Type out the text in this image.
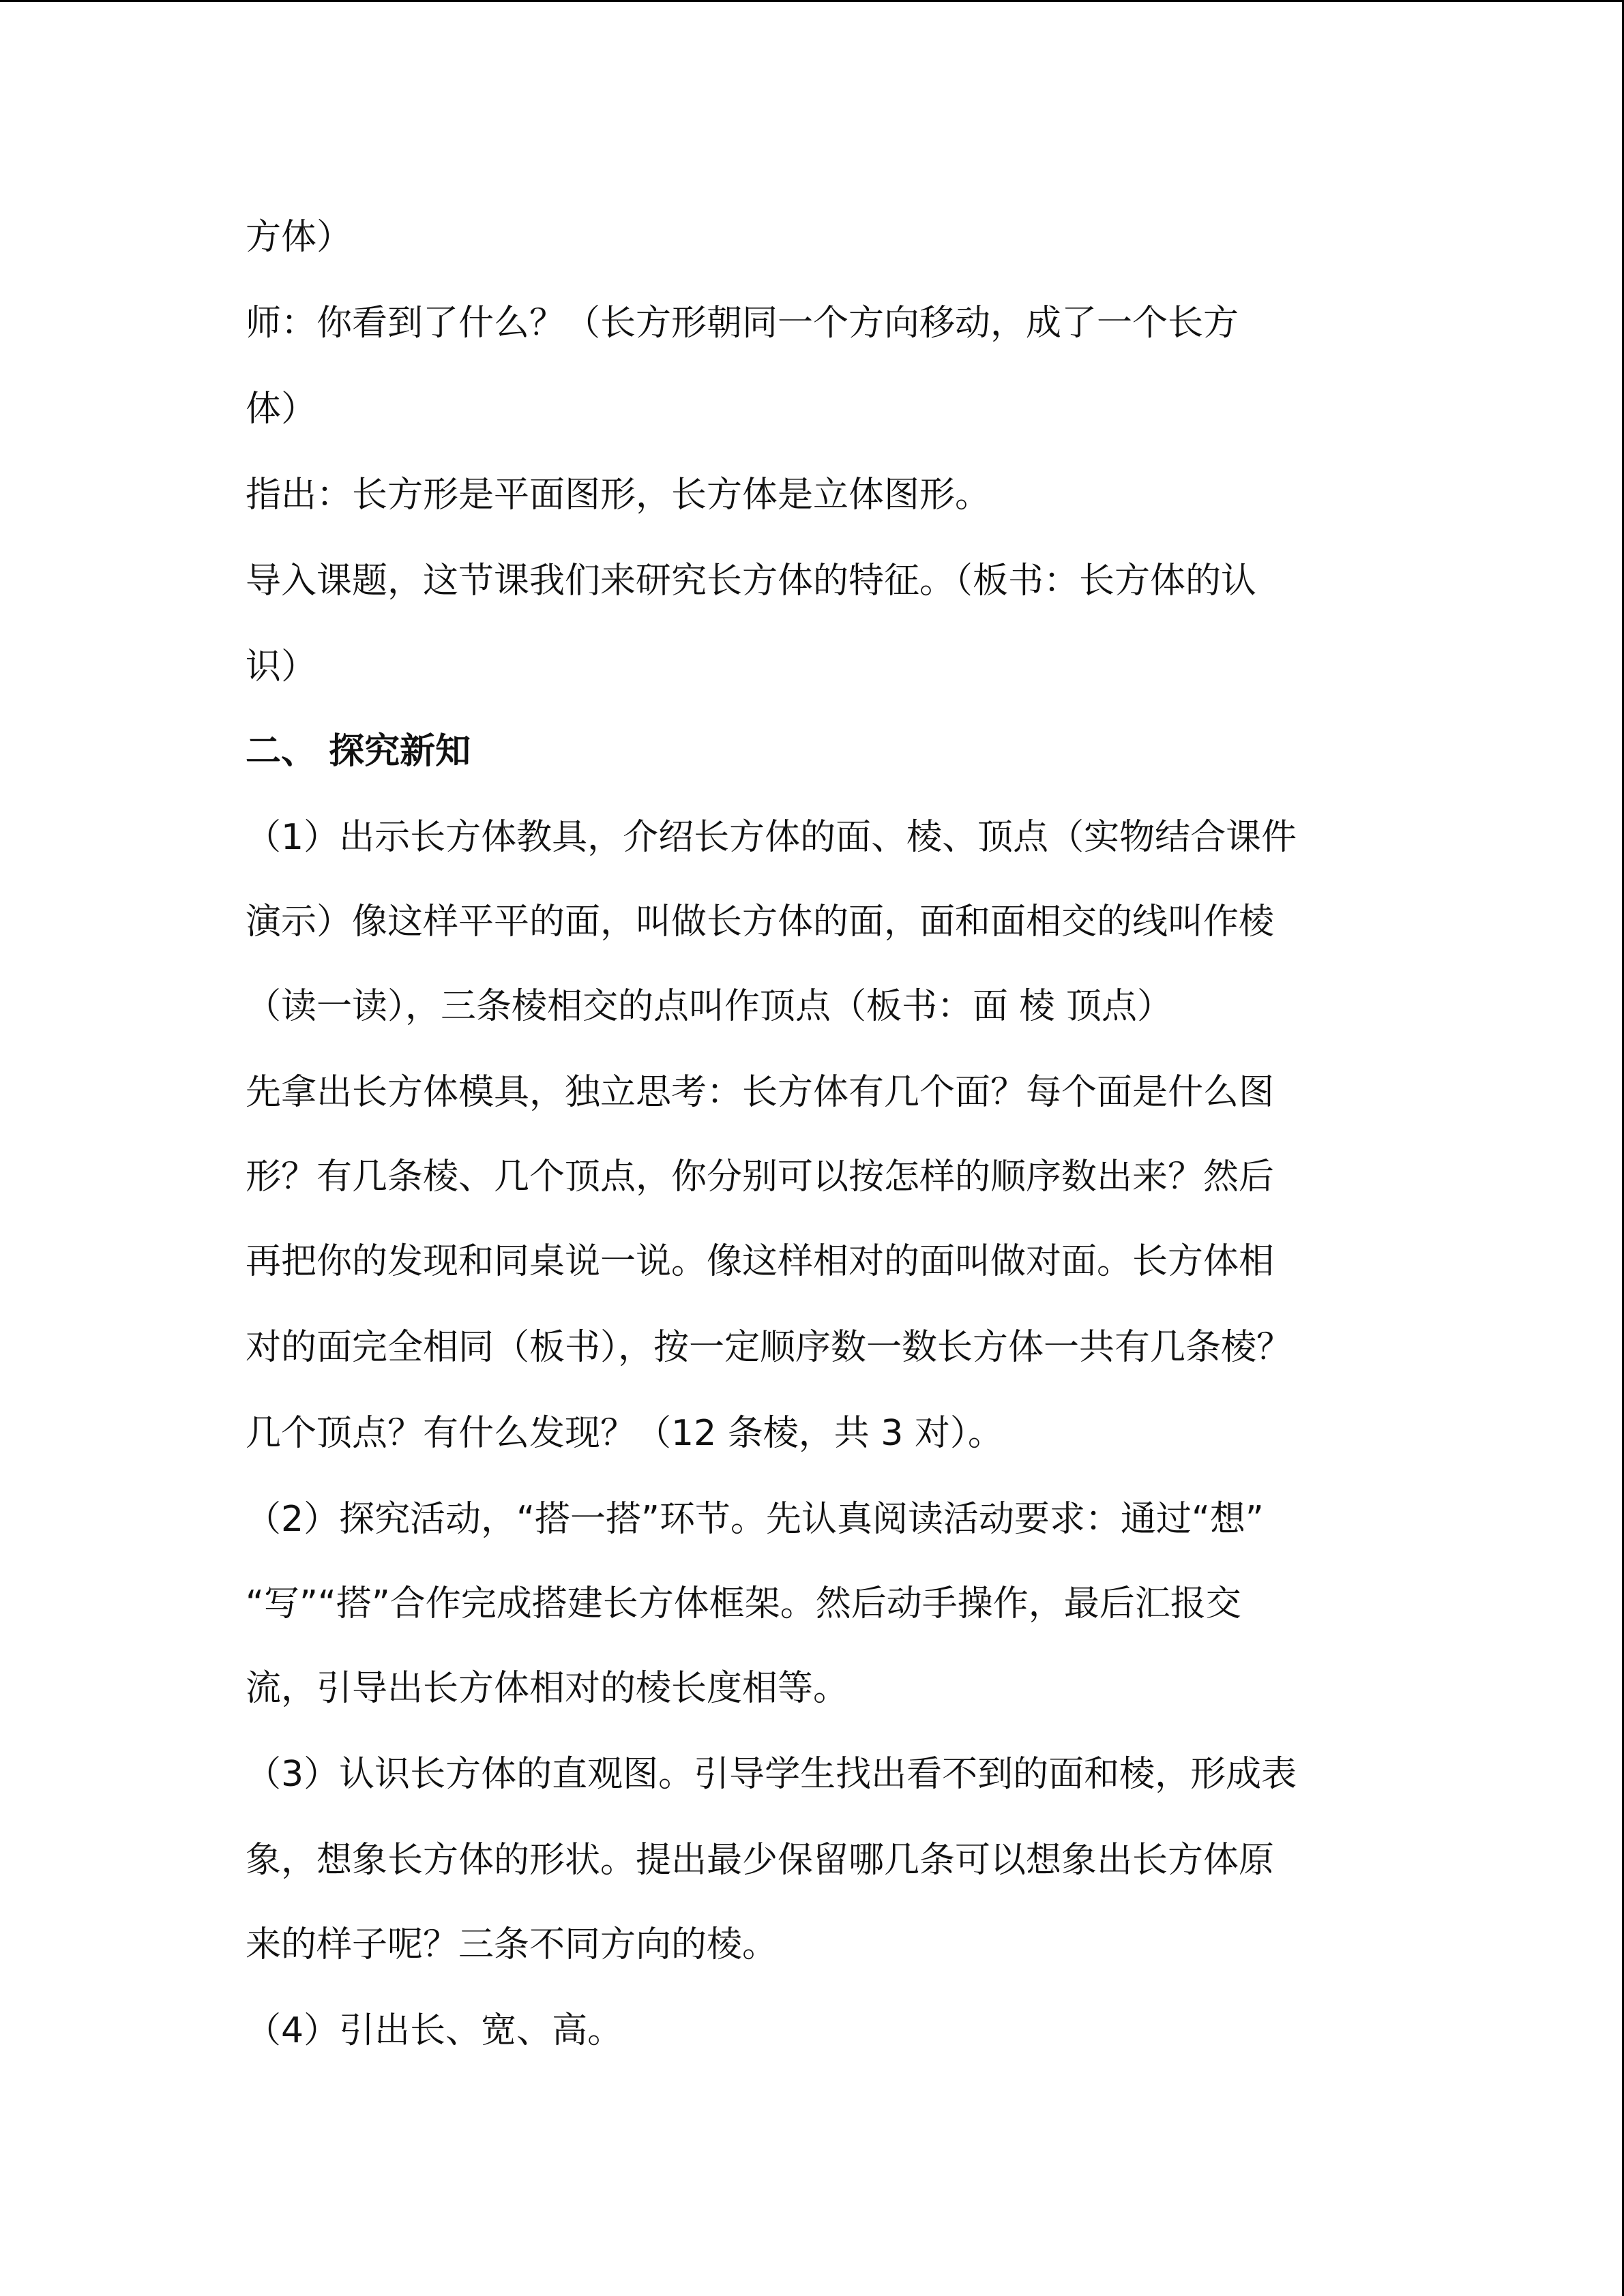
方体）
师：你看到了什么？（长方形朝同一个方向移动，成了一个长方
体）
指出：长方形是平面图形，长方体是立体图形。
导入课题，这节课我们来研究长方体的特征。（板书：长方体的认
识）
二、 探究新知
（1）出示长方体教具，介绍长方体的面、棱、顶点（实物结合课件
演示）像这样平平的面，叫做长方体的面，面和面相交的线叫作棱
（读一读），三条棱相交的点叫作顶点（板书：面 棱 顶点）
先拿出长方体模具，独立思考：长方体有几个面？每个面是什么图
形？有几条棱、几个顶点，你分别可以按怎样的顺序数出来？然后
再把你的发现和同桌说一说。像这样相对的面叫做对面。长方体相
对的面完全相同（板书），按一定顺序数一数长方体一共有几条棱？
几个顶点？有什么发现？（12 条棱，共 3 对）。
（2）探究活动，“搭一搭”环节。先认真阅读活动要求：通过“想”
“写”“搭”合作完成搭建长方体框架。然后动手操作，最后汇报交
流，引导出长方体相对的棱长度相等。
（3）认识长方体的直观图。引导学生找出看不到的面和棱，形成表
象，想象长方体的形状。提出最少保留哪几条可以想象出长方体原
来的样子呢？三条不同方向的棱。
（4）引出长、宽、高。
